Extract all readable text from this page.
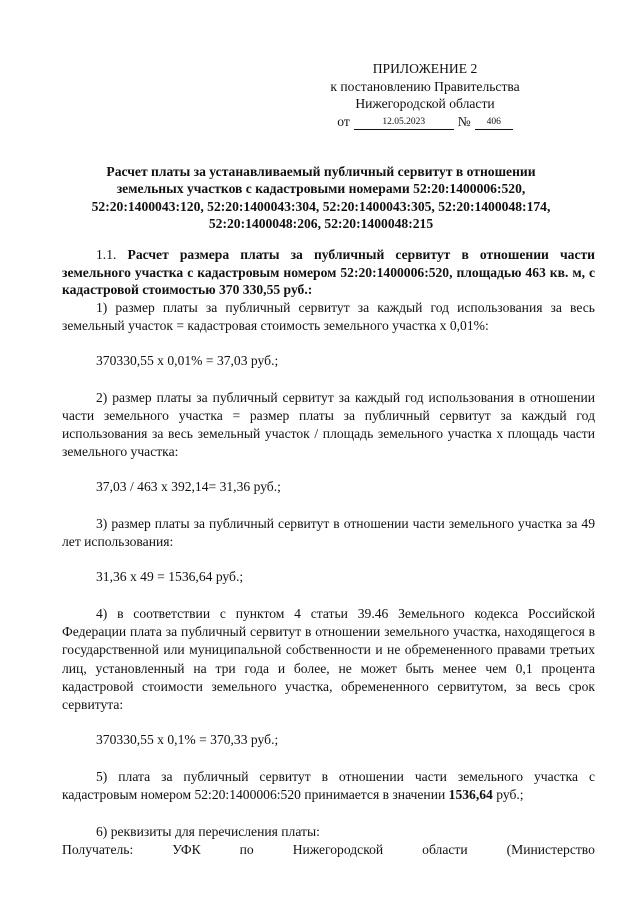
ПРИЛОЖЕНИЕ 2
к постановлению Правительства
Нижегородской области
от	12.05.2023	№	406
Расчет платы за устанавливаемый публичный сервитут в отношении
земельных участков с кадастровыми номерами 52:20:1400006:520,
52:20:1400043:120, 52:20:1400043:304, 52:20:1400043:305, 52:20:1400048:174,
52:20:1400048:206, 52:20:1400048:215

1.1. Расчет размера платы за публичный сервитут в отношении части земельного участка с кадастровым номером 52:20:1400006:520, площадью 463 кв. м, с кадастровой стоимостью 370 330,55 руб.:

1) размер платы за публичный сервитут за каждый год использования за весь земельный участок = кадастровая стоимость земельного участка х 0,01%:

370330,55 х 0,01% = 37,03 руб.;

2) размер платы за публичный сервитут за каждый год использования в отношении части земельного участка = размер платы за публичный сервитут за каждый год использования за весь земельный участок / площадь земельного участка х площадь части земельного участка:

37,03 / 463 х 392,14= 31,36 руб.;

3) размер платы за публичный сервитут в отношении части земельного участка за 49 лет использования:

31,36 х 49 = 1536,64 руб.;

4) в соответствии с пунктом 4 статьи 39.46 Земельного кодекса Российской Федерации плата за публичный сервитут в отношении земельного участка, находящегося в государственной или муниципальной собственности и не обремененного правами третьих лиц, установленный на три года и более, не может быть менее чем 0,1 процента кадастровой стоимости земельного участка, обремененного сервитутом, за весь срок сервитута:

370330,55 х 0,1% = 370,33 руб.;

5) плата за публичный сервитут в отношении части земельного участка с кадастровым номером 52:20:1400006:520 принимается в значении 1536,64 руб.;

6) реквизиты для перечисления платы:

Получатель:	УФК	по	Нижегородской	области	(Министерство
